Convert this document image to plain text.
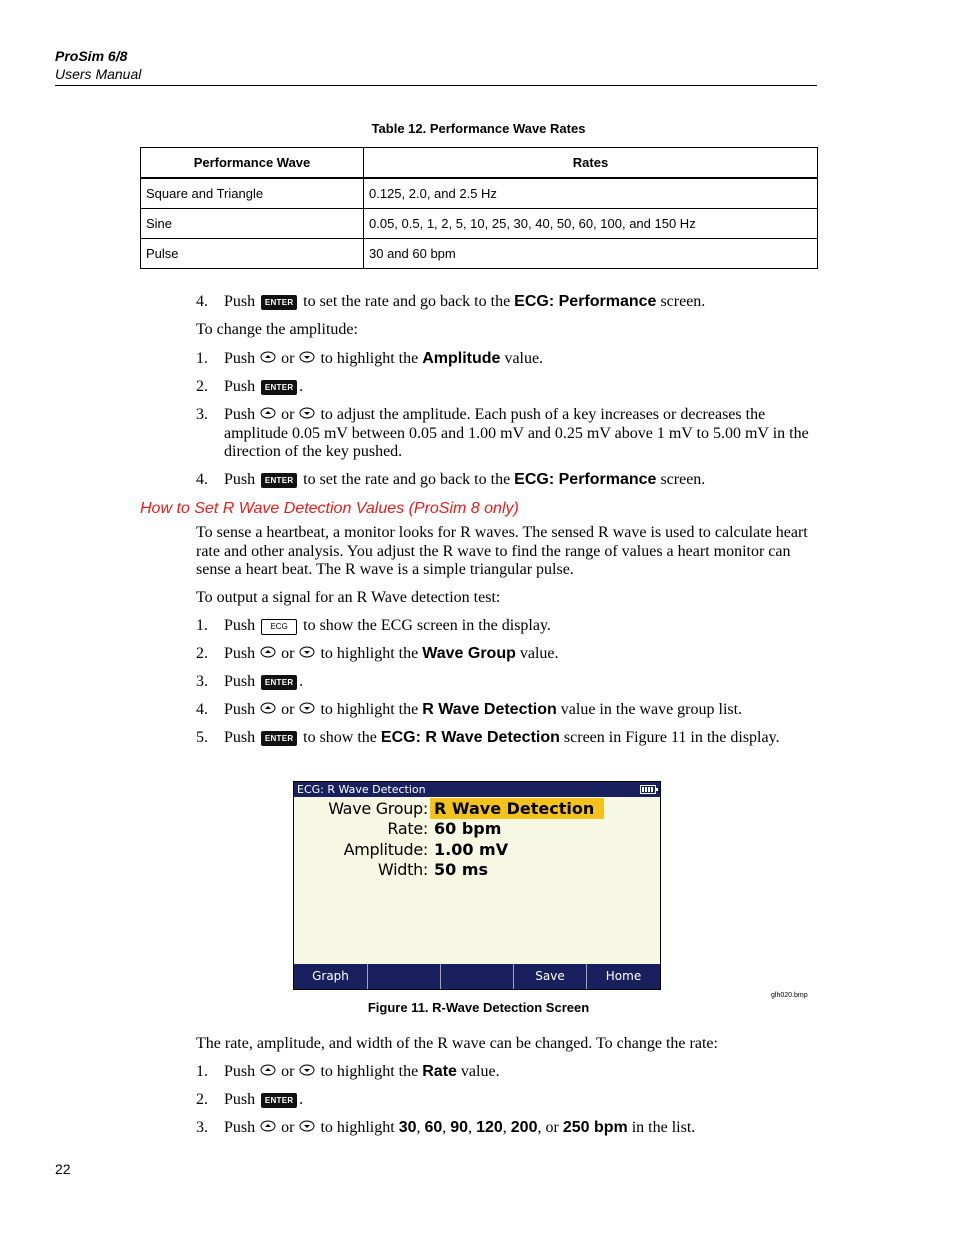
ProSim 6/8
Users Manual
Table 12. Performance Wave Rates
Performance Wave	Rates
Square and Triangle	0.125, 2.0, and 2.5 Hz
Sine	0.05, 0.5, 1, 2, 5, 10, 25, 30, 40, 50, 60, 100, and 150 Hz
Pulse	30 and 60 bpm
4. Push ENTER to set the rate and go back to the ECG: Performance screen.
To change the amplitude:
1. Push or to highlight the Amplitude value.
2. Push ENTER .
3. Push or to adjust the amplitude. Each push of a key increases or decreases the amplitude 0.05 mV between 0.05 and 1.00 mV and 0.25 mV above 1 mV to 5.00 mV in the direction of the key pushed.
4. Push ENTER to set the rate and go back to the ECG: Performance screen.
How to Set R Wave Detection Values (ProSim 8 only)
To sense a heartbeat, a monitor looks for R waves. The sensed R wave is used to calculate heart rate and other analysis. You adjust the R wave to find the range of values a heart monitor can sense a heart beat. The R wave is a simple triangular pulse.
To output a signal for an R Wave detection test:
1. Push ECG to show the ECG screen in the display.
2. Push or to highlight the Wave Group value.
3. Push ENTER .
4. Push or to highlight the R Wave Detection value in the wave group list.
5. Push ENTER to show the ECG: R Wave Detection screen in Figure 11 in the display.
ECG: R Wave Detection
Wave Group: R Wave Detection
Rate: 60 bpm
Amplitude: 1.00 mV
Width: 50 ms
Graph	Save	Home
glh020.bmp
Figure 11. R-Wave Detection Screen
The rate, amplitude, and width of the R wave can be changed. To change the rate:
1. Push or to highlight the Rate value.
2. Push ENTER .
3. Push or to highlight 30, 60, 90, 120, 200, or 250 bpm in the list.
22
